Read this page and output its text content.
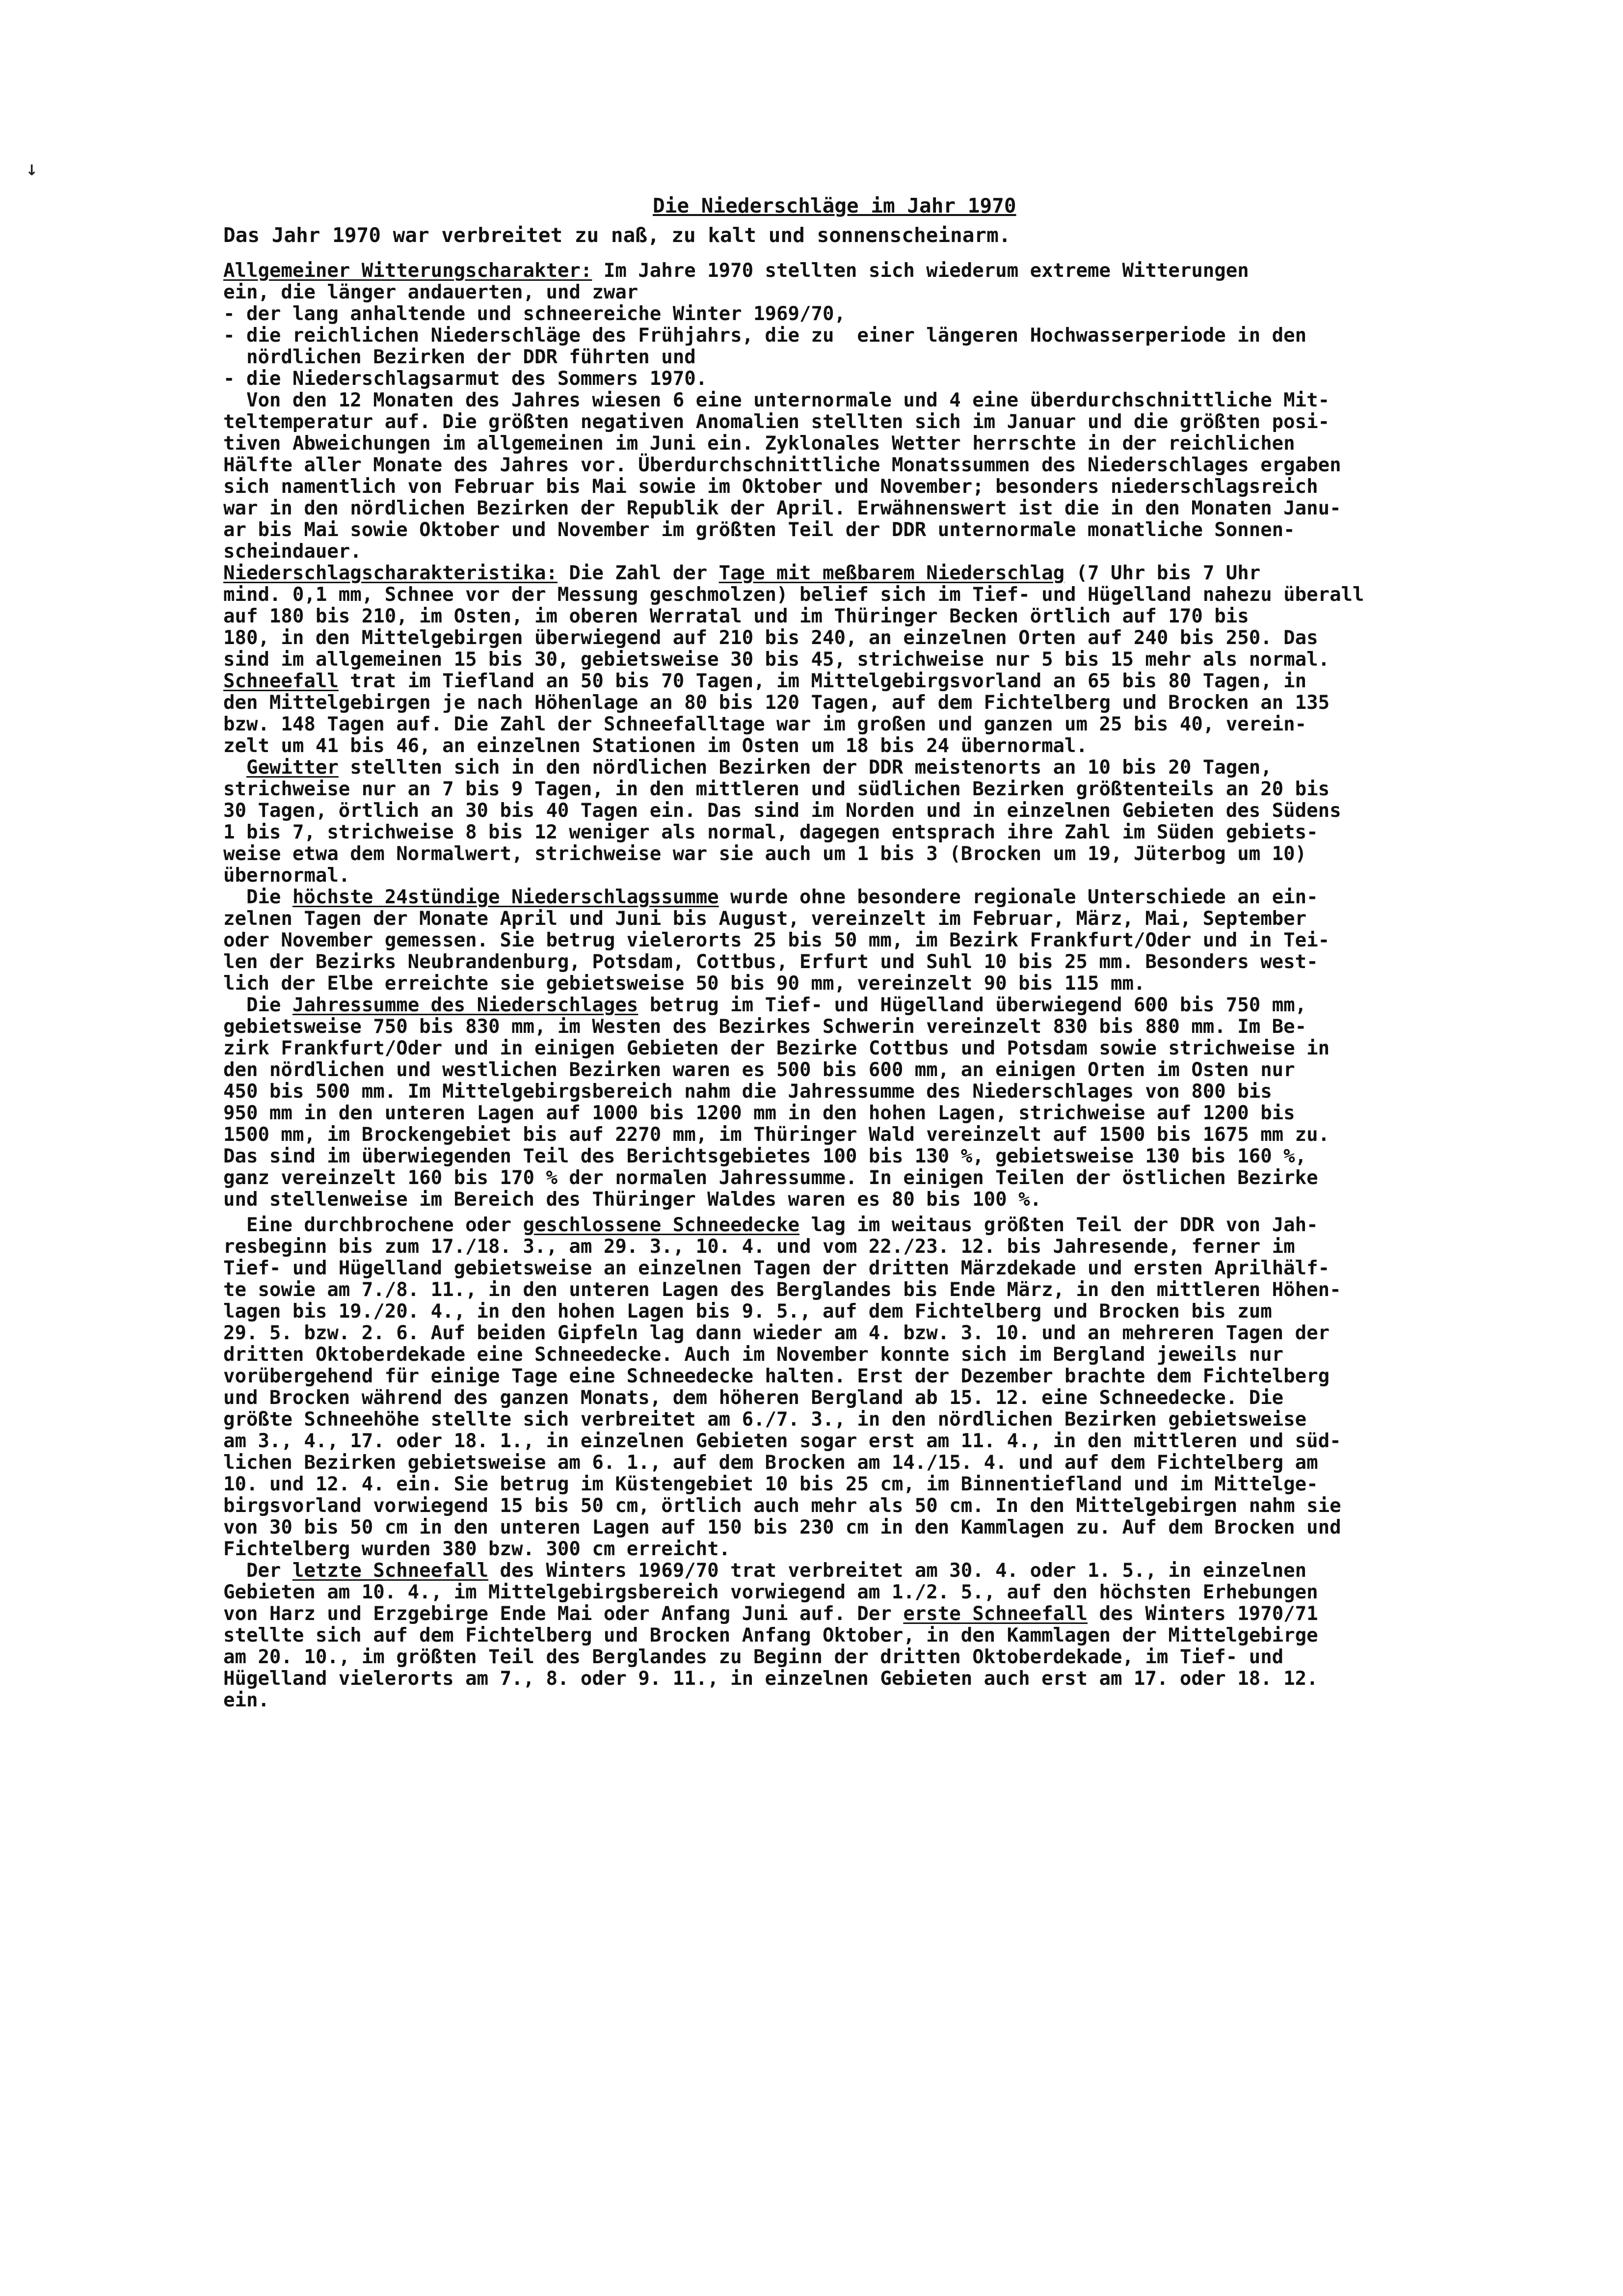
↓
Die Niederschläge im Jahr 1970
Das Jahr 1970 war verbreitet zu naß, zu kalt und sonnenscheinarm.
Allgemeiner Witterungscharakter: Im Jahre 1970 stellten sich wiederum extreme Witterungen
ein, die länger andauerten, und zwar
- der lang anhaltende und schneereiche Winter 1969/70,
- die reichlichen Niederschläge des Frühjahrs, die zu  einer längeren Hochwasserperiode in den
nördlichen Bezirken der DDR führten und
- die Niederschlagsarmut des Sommers 1970.
Von den 12 Monaten des Jahres wiesen 6 eine unternormale und 4 eine überdurchschnittliche Mit-
teltemperatur auf. Die größten negativen Anomalien stellten sich im Januar und die größten posi-
tiven Abweichungen im allgemeinen im Juni ein. Zyklonales Wetter herrschte in der reichlichen
Hälfte aller Monate des Jahres vor. Überdurchschnittliche Monatssummen des Niederschlages ergaben
sich namentlich von Februar bis Mai sowie im Oktober und November; besonders niederschlagsreich
war in den nördlichen Bezirken der Republik der April. Erwähnenswert ist die in den Monaten Janu-
ar bis Mai sowie Oktober und November im größten Teil der DDR unternormale monatliche Sonnen-
scheindauer.
Niederschlagscharakteristika: Die Zahl der Tage mit meßbarem Niederschlag (7 Uhr bis 7 Uhr
mind. 0,1 mm, Schnee vor der Messung geschmolzen) belief sich im Tief- und Hügelland nahezu überall
auf 180 bis 210, im Osten, im oberen Werratal und im Thüringer Becken örtlich auf 170 bis
180, in den Mittelgebirgen überwiegend auf 210 bis 240, an einzelnen Orten auf 240 bis 250. Das
sind im allgemeinen 15 bis 30, gebietsweise 30 bis 45, strichweise nur 5 bis 15 mehr als normal.
Schneefall trat im Tiefland an 50 bis 70 Tagen, im Mittelgebirgsvorland an 65 bis 80 Tagen, in
den Mittelgebirgen je nach Höhenlage an 80 bis 120 Tagen, auf dem Fichtelberg und Brocken an 135
bzw. 148 Tagen auf. Die Zahl der Schneefalltage war im großen und ganzen um 25 bis 40, verein-
zelt um 41 bis 46, an einzelnen Stationen im Osten um 18 bis 24 übernormal.
Gewitter stellten sich in den nördlichen Bezirken der DDR meistenorts an 10 bis 20 Tagen,
strichweise nur an 7 bis 9 Tagen, in den mittleren und südlichen Bezirken größtenteils an 20 bis
30 Tagen, örtlich an 30 bis 40 Tagen ein. Das sind im Norden und in einzelnen Gebieten des Südens
1 bis 7, strichweise 8 bis 12 weniger als normal, dagegen entsprach ihre Zahl im Süden gebiets-
weise etwa dem Normalwert, strichweise war sie auch um 1 bis 3 (Brocken um 19, Jüterbog um 10)
übernormal.
Die höchste 24stündige Niederschlagssumme wurde ohne besondere regionale Unterschiede an ein-
zelnen Tagen der Monate April und Juni bis August, vereinzelt im Februar, März, Mai, September
oder November gemessen. Sie betrug vielerorts 25 bis 50 mm, im Bezirk Frankfurt/Oder und in Tei-
len der Bezirks Neubrandenburg, Potsdam, Cottbus, Erfurt und Suhl 10 bis 25 mm. Besonders west-
lich der Elbe erreichte sie gebietsweise 50 bis 90 mm, vereinzelt 90 bis 115 mm.
Die Jahressumme des Niederschlages betrug im Tief- und Hügelland überwiegend 600 bis 750 mm,
gebietsweise 750 bis 830 mm, im Westen des Bezirkes Schwerin vereinzelt 830 bis 880 mm. Im Be-
zirk Frankfurt/Oder und in einigen Gebieten der Bezirke Cottbus und Potsdam sowie strichweise in
den nördlichen und westlichen Bezirken waren es 500 bis 600 mm, an einigen Orten im Osten nur
450 bis 500 mm. Im Mittelgebirgsbereich nahm die Jahressumme des Niederschlages von 800 bis
950 mm in den unteren Lagen auf 1000 bis 1200 mm in den hohen Lagen, strichweise auf 1200 bis
1500 mm, im Brockengebiet bis auf 2270 mm, im Thüringer Wald vereinzelt auf 1500 bis 1675 mm zu.
Das sind im überwiegenden Teil des Berichtsgebietes 100 bis 130 %, gebietsweise 130 bis 160 %,
ganz vereinzelt 160 bis 170 % der normalen Jahressumme. In einigen Teilen der östlichen Bezirke
und stellenweise im Bereich des Thüringer Waldes waren es 80 bis 100 %.
Eine durchbrochene oder geschlossene Schneedecke lag im weitaus größten Teil der DDR von Jah-
resbeginn bis zum 17./18. 3., am 29. 3., 10. 4. und vom 22./23. 12. bis Jahresende, ferner im
Tief- und Hügelland gebietsweise an einzelnen Tagen der dritten Märzdekade und ersten Aprilhälf-
te sowie am 7./8. 11., in den unteren Lagen des Berglandes bis Ende März, in den mittleren Höhen-
lagen bis 19./20. 4., in den hohen Lagen bis 9. 5., auf dem Fichtelberg und Brocken bis zum
29. 5. bzw. 2. 6. Auf beiden Gipfeln lag dann wieder am 4. bzw. 3. 10. und an mehreren Tagen der
dritten Oktoberdekade eine Schneedecke. Auch im November konnte sich im Bergland jeweils nur
vorübergehend für einige Tage eine Schneedecke halten. Erst der Dezember brachte dem Fichtelberg
und Brocken während des ganzen Monats, dem höheren Bergland ab 15. 12. eine Schneedecke. Die
größte Schneehöhe stellte sich verbreitet am 6./7. 3., in den nördlichen Bezirken gebietsweise
am 3., 4., 17. oder 18. 1., in einzelnen Gebieten sogar erst am 11. 4., in den mittleren und süd-
lichen Bezirken gebietsweise am 6. 1., auf dem Brocken am 14./15. 4. und auf dem Fichtelberg am
10. und 12. 4. ein. Sie betrug im Küstengebiet 10 bis 25 cm, im Binnentiefland und im Mittelge-
birgsvorland vorwiegend 15 bis 50 cm, örtlich auch mehr als 50 cm. In den Mittelgebirgen nahm sie
von 30 bis 50 cm in den unteren Lagen auf 150 bis 230 cm in den Kammlagen zu. Auf dem Brocken und
Fichtelberg wurden 380 bzw. 300 cm erreicht.
Der letzte Schneefall des Winters 1969/70 trat verbreitet am 30. 4. oder 1. 5., in einzelnen
Gebieten am 10. 4., im Mittelgebirgsbereich vorwiegend am 1./2. 5., auf den höchsten Erhebungen
von Harz und Erzgebirge Ende Mai oder Anfang Juni auf. Der erste Schneefall des Winters 1970/71
stellte sich auf dem Fichtelberg und Brocken Anfang Oktober, in den Kammlagen der Mittelgebirge
am 20. 10., im größten Teil des Berglandes zu Beginn der dritten Oktoberdekade, im Tief- und
Hügelland vielerorts am 7., 8. oder 9. 11., in einzelnen Gebieten auch erst am 17. oder 18. 12.
ein.
